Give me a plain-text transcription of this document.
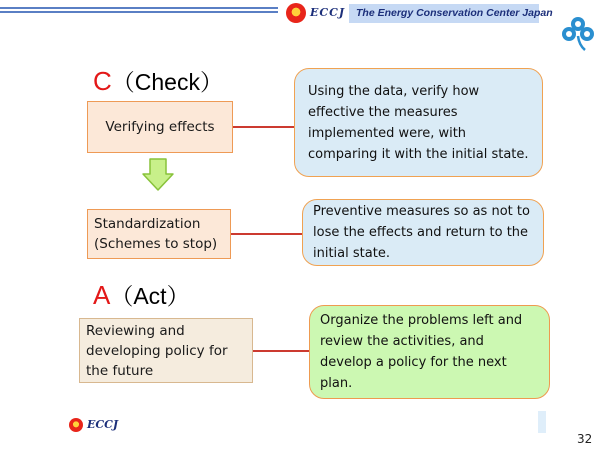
ECCJ	The Energy Conservation Center Japan
C（Check）
Verifying effects
Using the data, verify how effective the measures implemented were, with comparing it with the initial state.
Standardization
(Schemes to stop)
Preventive measures so as not to lose the effects and return to the initial state.
A（Act）
Reviewing and developing policy for the future
Organize the problems left and review the activities, and develop a policy for the next plan.
ECCJ
32
